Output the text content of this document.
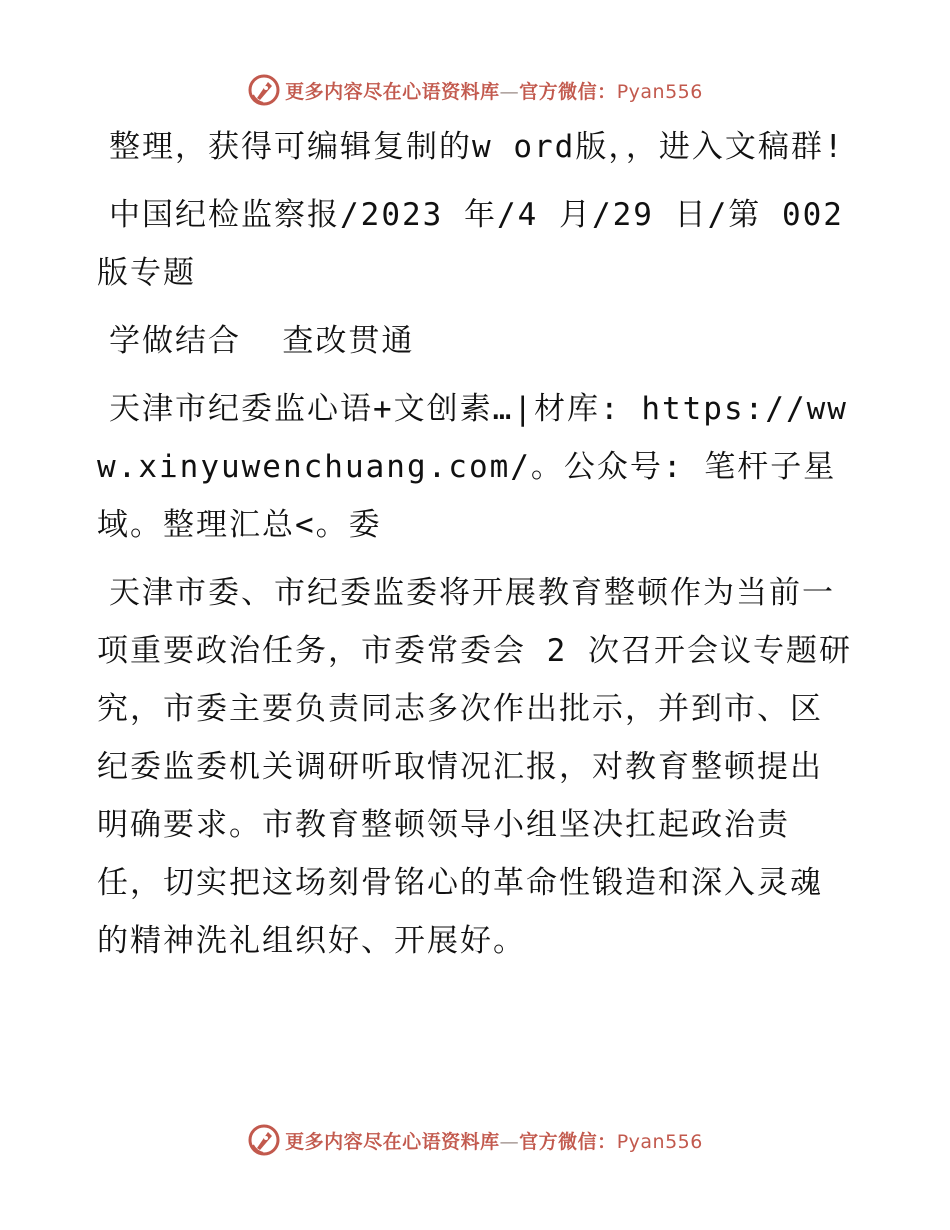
更多内容尽在心语资料库—官方微信：Pyan556

整理，获得可编辑复制的w ord版，，进入文稿群!

中国纪检监察报/2023 年/4 月/29 日/第 002 版专题

学做结合  查改贯通

天津市纪委监心语+文创素…|材库: https://www.xinyuwenchuang.com/。公众号: 笔杆子星域。整理汇总<。委

天津市委、市纪委监委将开展教育整顿作为当前一项重要政治任务，市委常委会 2 次召开会议专题研究，市委主要负责同志多次作出批示，并到市、区纪委监委机关调研听取情况汇报，对教育整顿提出明确要求。市教育整顿领导小组坚决扛起政治责任，切实把这场刻骨铭心的革命性锻造和深入灵魂的精神洗礼组织好、开展好。

更多内容尽在心语资料库—官方微信：Pyan556
